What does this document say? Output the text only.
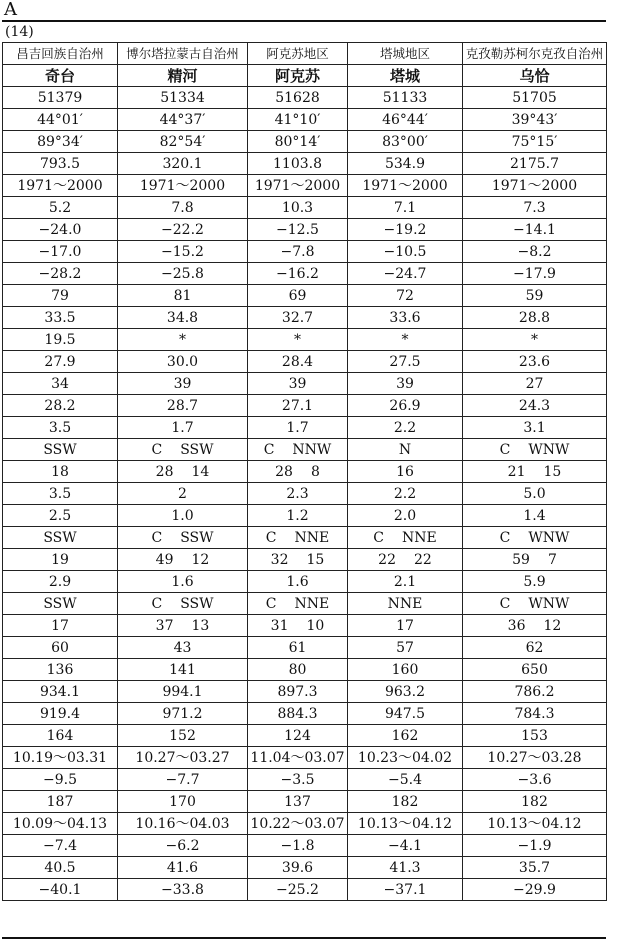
A
(14)
昌吉回族自治州	博尔塔拉蒙古自治州	阿克苏地区	塔城地区	克孜勒苏柯尔克孜自治州
奇台	精河	阿克苏	塔城	乌恰
51379	51334	51628	51133	51705
44°01′	44°37′	41°10′	46°44′	39°43′
89°34′	82°54′	80°14′	83°00′	75°15′
793.5	320.1	1103.8	534.9	2175.7
1971～2000	1971～2000	1971～2000	1971～2000	1971～2000
5.2	7.8	10.3	7.1	7.3
−24.0	−22.2	−12.5	−19.2	−14.1
−17.0	−15.2	−7.8	−10.5	−8.2
−28.2	−25.8	−16.2	−24.7	−17.9
79	81	69	72	59
33.5	34.8	32.7	33.6	28.8
19.5	*	*	*	*
27.9	30.0	28.4	27.5	23.6
34	39	39	39	27
28.2	28.7	27.1	26.9	24.3
3.5	1.7	1.7	2.2	3.1
SSW	C SSW	C NNW	N	C WNW
18	28 14	28 8	16	21 15
3.5	2	2.3	2.2	5.0
2.5	1.0	1.2	2.0	1.4
SSW	C SSW	C NNE	C NNE	C WNW
19	49 12	32 15	22 22	59 7
2.9	1.6	1.6	2.1	5.9
SSW	C SSW	C NNE	NNE	C WNW
17	37 13	31 10	17	36 12
60	43	61	57	62
136	141	80	160	650
934.1	994.1	897.3	963.2	786.2
919.4	971.2	884.3	947.5	784.3
164	152	124	162	153
10.19～03.31	10.27～03.27	11.04～03.07	10.23～04.02	10.27～03.28
−9.5	−7.7	−3.5	−5.4	−3.6
187	170	137	182	182
10.09～04.13	10.16～04.03	10.22～03.07	10.13～04.12	10.13～04.12
−7.4	−6.2	−1.8	−4.1	−1.9
40.5	41.6	39.6	41.3	35.7
−40.1	−33.8	−25.2	−37.1	−29.9
